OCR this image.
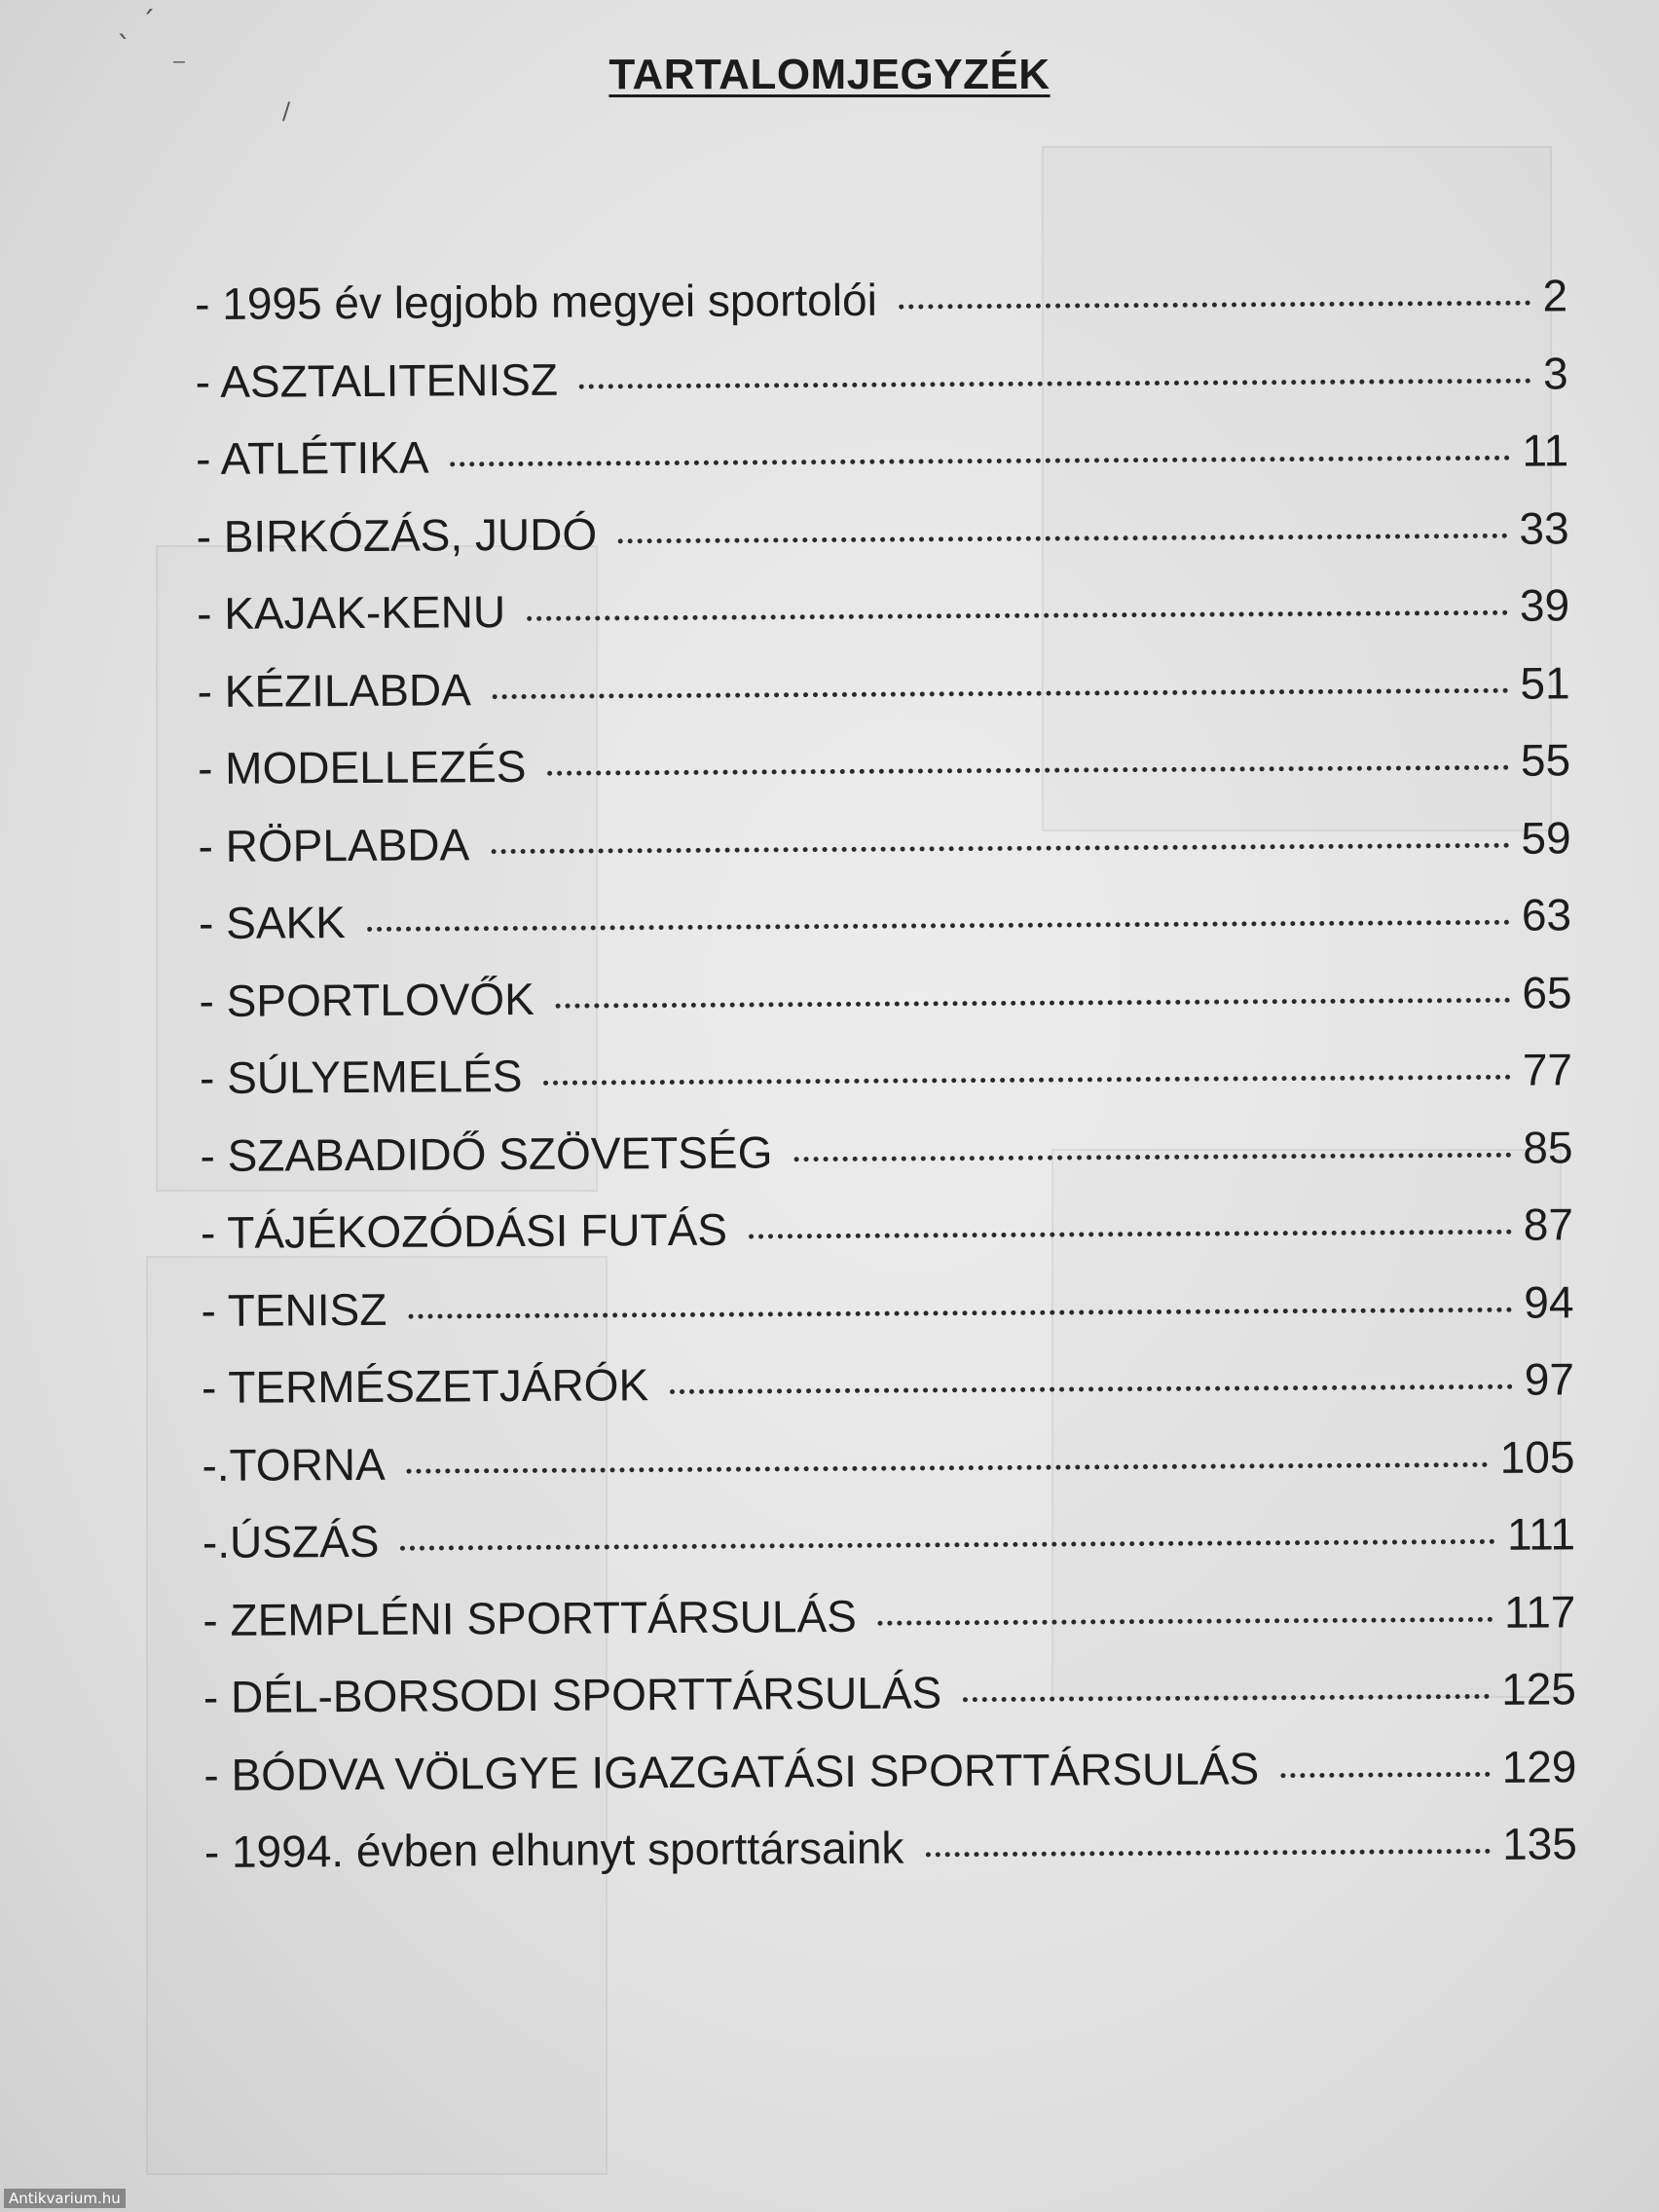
ˎ ˊ
⁻
/
TARTALOMJEGYZÉK
- 1995 év legjobb megyei sportolói	2
- ASZTALITENISZ	3
- ATLÉTIKA	11
- BIRKÓZÁS, JUDÓ	33
- KAJAK-KENU	39
- KÉZILABDA	51
- MODELLEZÉS	55
- RÖPLABDA	59
- SAKK	63
- SPORTLOVŐK	65
- SÚLYEMELÉS	77
- SZABADIDŐ SZÖVETSÉG	85
- TÁJÉKOZÓDÁSI FUTÁS	87
- TENISZ	94
- TERMÉSZETJÁRÓK	97
-.TORNA	105
-.ÚSZÁS	111
- ZEMPLÉNI SPORTTÁRSULÁS	117
- DÉL-BORSODI SPORTTÁRSULÁS	125
- BÓDVA VÖLGYE IGAZGATÁSI SPORTTÁRSULÁS	129
- 1994. évben elhunyt sporttársaink	135
Antikvarium.hu
